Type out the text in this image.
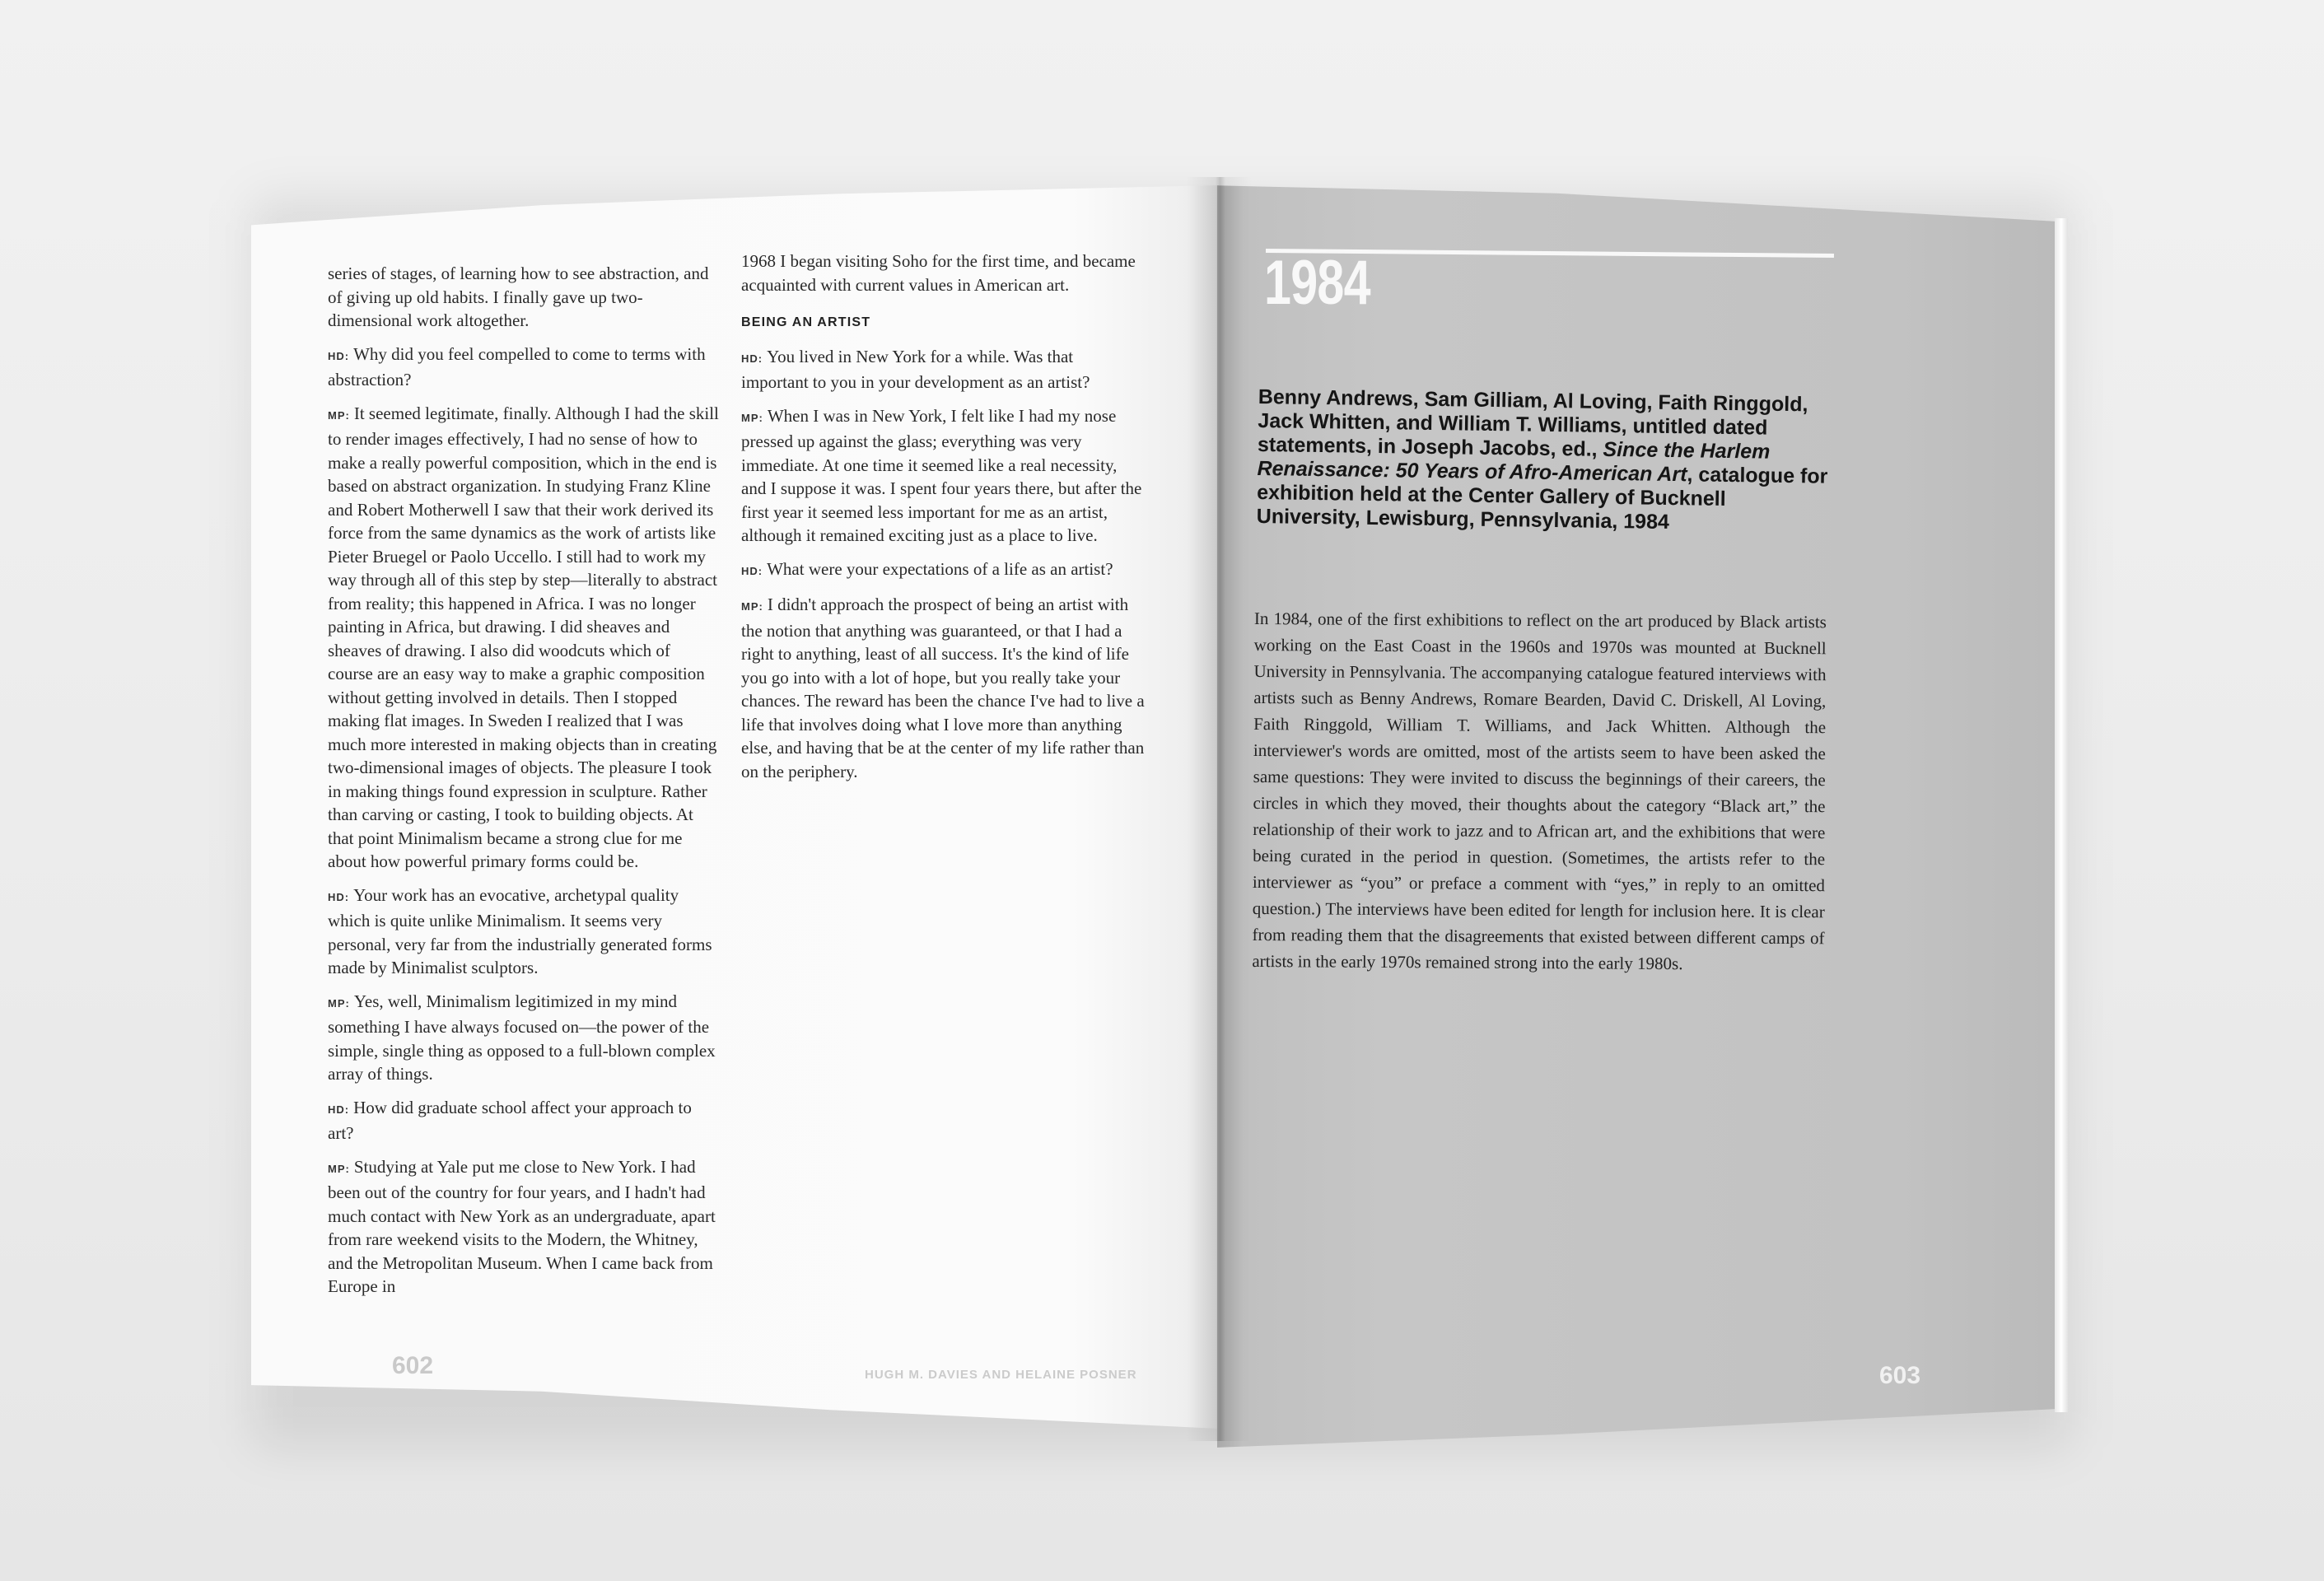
series of stages, of learning how to see abstraction, and of giving up old habits. I finally gave up two-dimensional work altogether.

HD: Why did you feel compelled to come to terms with abstraction?

MP: It seemed legitimate, finally. Although I had the skill to render images effectively, I had no sense of how to make a really powerful composition, which in the end is based on abstract organization. In studying Franz Kline and Robert Motherwell I saw that their work derived its force from the same dynamics as the work of artists like Pieter Bruegel or Paolo Uccello. I still had to work my way through all of this step by step—literally to abstract from reality; this happened in Africa. I was no longer painting in Africa, but drawing. I did sheaves and sheaves of drawing. I also did woodcuts which of course are an easy way to make a graphic composition without getting involved in details. Then I stopped making flat images. In Sweden I realized that I was much more interested in making objects than in creating two-dimensional images of objects. The pleasure I took in making things found expression in sculpture. Rather than carving or casting, I took to building objects. At that point Minimalism became a strong clue for me about how powerful primary forms could be.

HD: Your work has an evocative, archetypal quality which is quite unlike Minimalism. It seems very personal, very far from the industrially generated forms made by Minimalist sculptors.

MP: Yes, well, Minimalism legitimized in my mind something I have always focused on—the power of the simple, single thing as opposed to a full-blown complex array of things.

HD: How did graduate school affect your approach to art?

MP: Studying at Yale put me close to New York. I had been out of the country for four years, and I hadn't had much contact with New York as an undergraduate, apart from rare weekend visits to the Modern, the Whitney, and the Metropolitan Museum. When I came back from Europe in

1968 I began visiting Soho for the first time, and became acquainted with current values in American art.

BEING AN ARTIST

HD: You lived in New York for a while. Was that important to you in your development as an artist?

MP: When I was in New York, I felt like I had my nose pressed up against the glass; everything was very immediate. At one time it seemed like a real necessity, and I suppose it was. I spent four years there, but after the first year it seemed less important for me as an artist, although it remained exciting just as a place to live.

HD: What were your expectations of a life as an artist?

MP: I didn't approach the prospect of being an artist with the notion that anything was guaranteed, or that I had a right to anything, least of all success. It's the kind of life you go into with a lot of hope, but you really take your chances. The reward has been the chance I've had to live a life that involves doing what I love more than anything else, and having that be at the center of my life rather than on the periphery.

602	HUGH M. DAVIES AND HELAINE POSNER
1984

Benny Andrews, Sam Gilliam, Al Loving, Faith Ringgold, Jack Whitten, and William T. Williams, untitled dated statements, in Joseph Jacobs, ed., Since the Harlem Renaissance: 50 Years of Afro-American Art, catalogue for exhibition held at the Center Gallery of Bucknell University, Lewisburg, Pennsylvania, 1984

In 1984, one of the first exhibitions to reflect on the art produced by Black artists working on the East Coast in the 1960s and 1970s was mounted at Bucknell University in Pennsylvania. The accompanying catalogue featured interviews with artists such as Benny Andrews, Romare Bearden, David C. Driskell, Al Loving, Faith Ringgold, William T. Williams, and Jack Whitten. Although the interviewer's words are omitted, most of the artists seem to have been asked the same questions: They were invited to discuss the beginnings of their careers, the circles in which they moved, their thoughts about the category “Black art,” the relationship of their work to jazz and to African art, and the exhibitions that were being curated in the period in question. (Sometimes, the artists refer to the interviewer as “you” or preface a comment with “yes,” in reply to an omitted question.) The interviews have been edited for length for inclusion here. It is clear from reading them that the disagreements that existed between different camps of artists in the early 1970s remained strong into the early 1980s.

603
